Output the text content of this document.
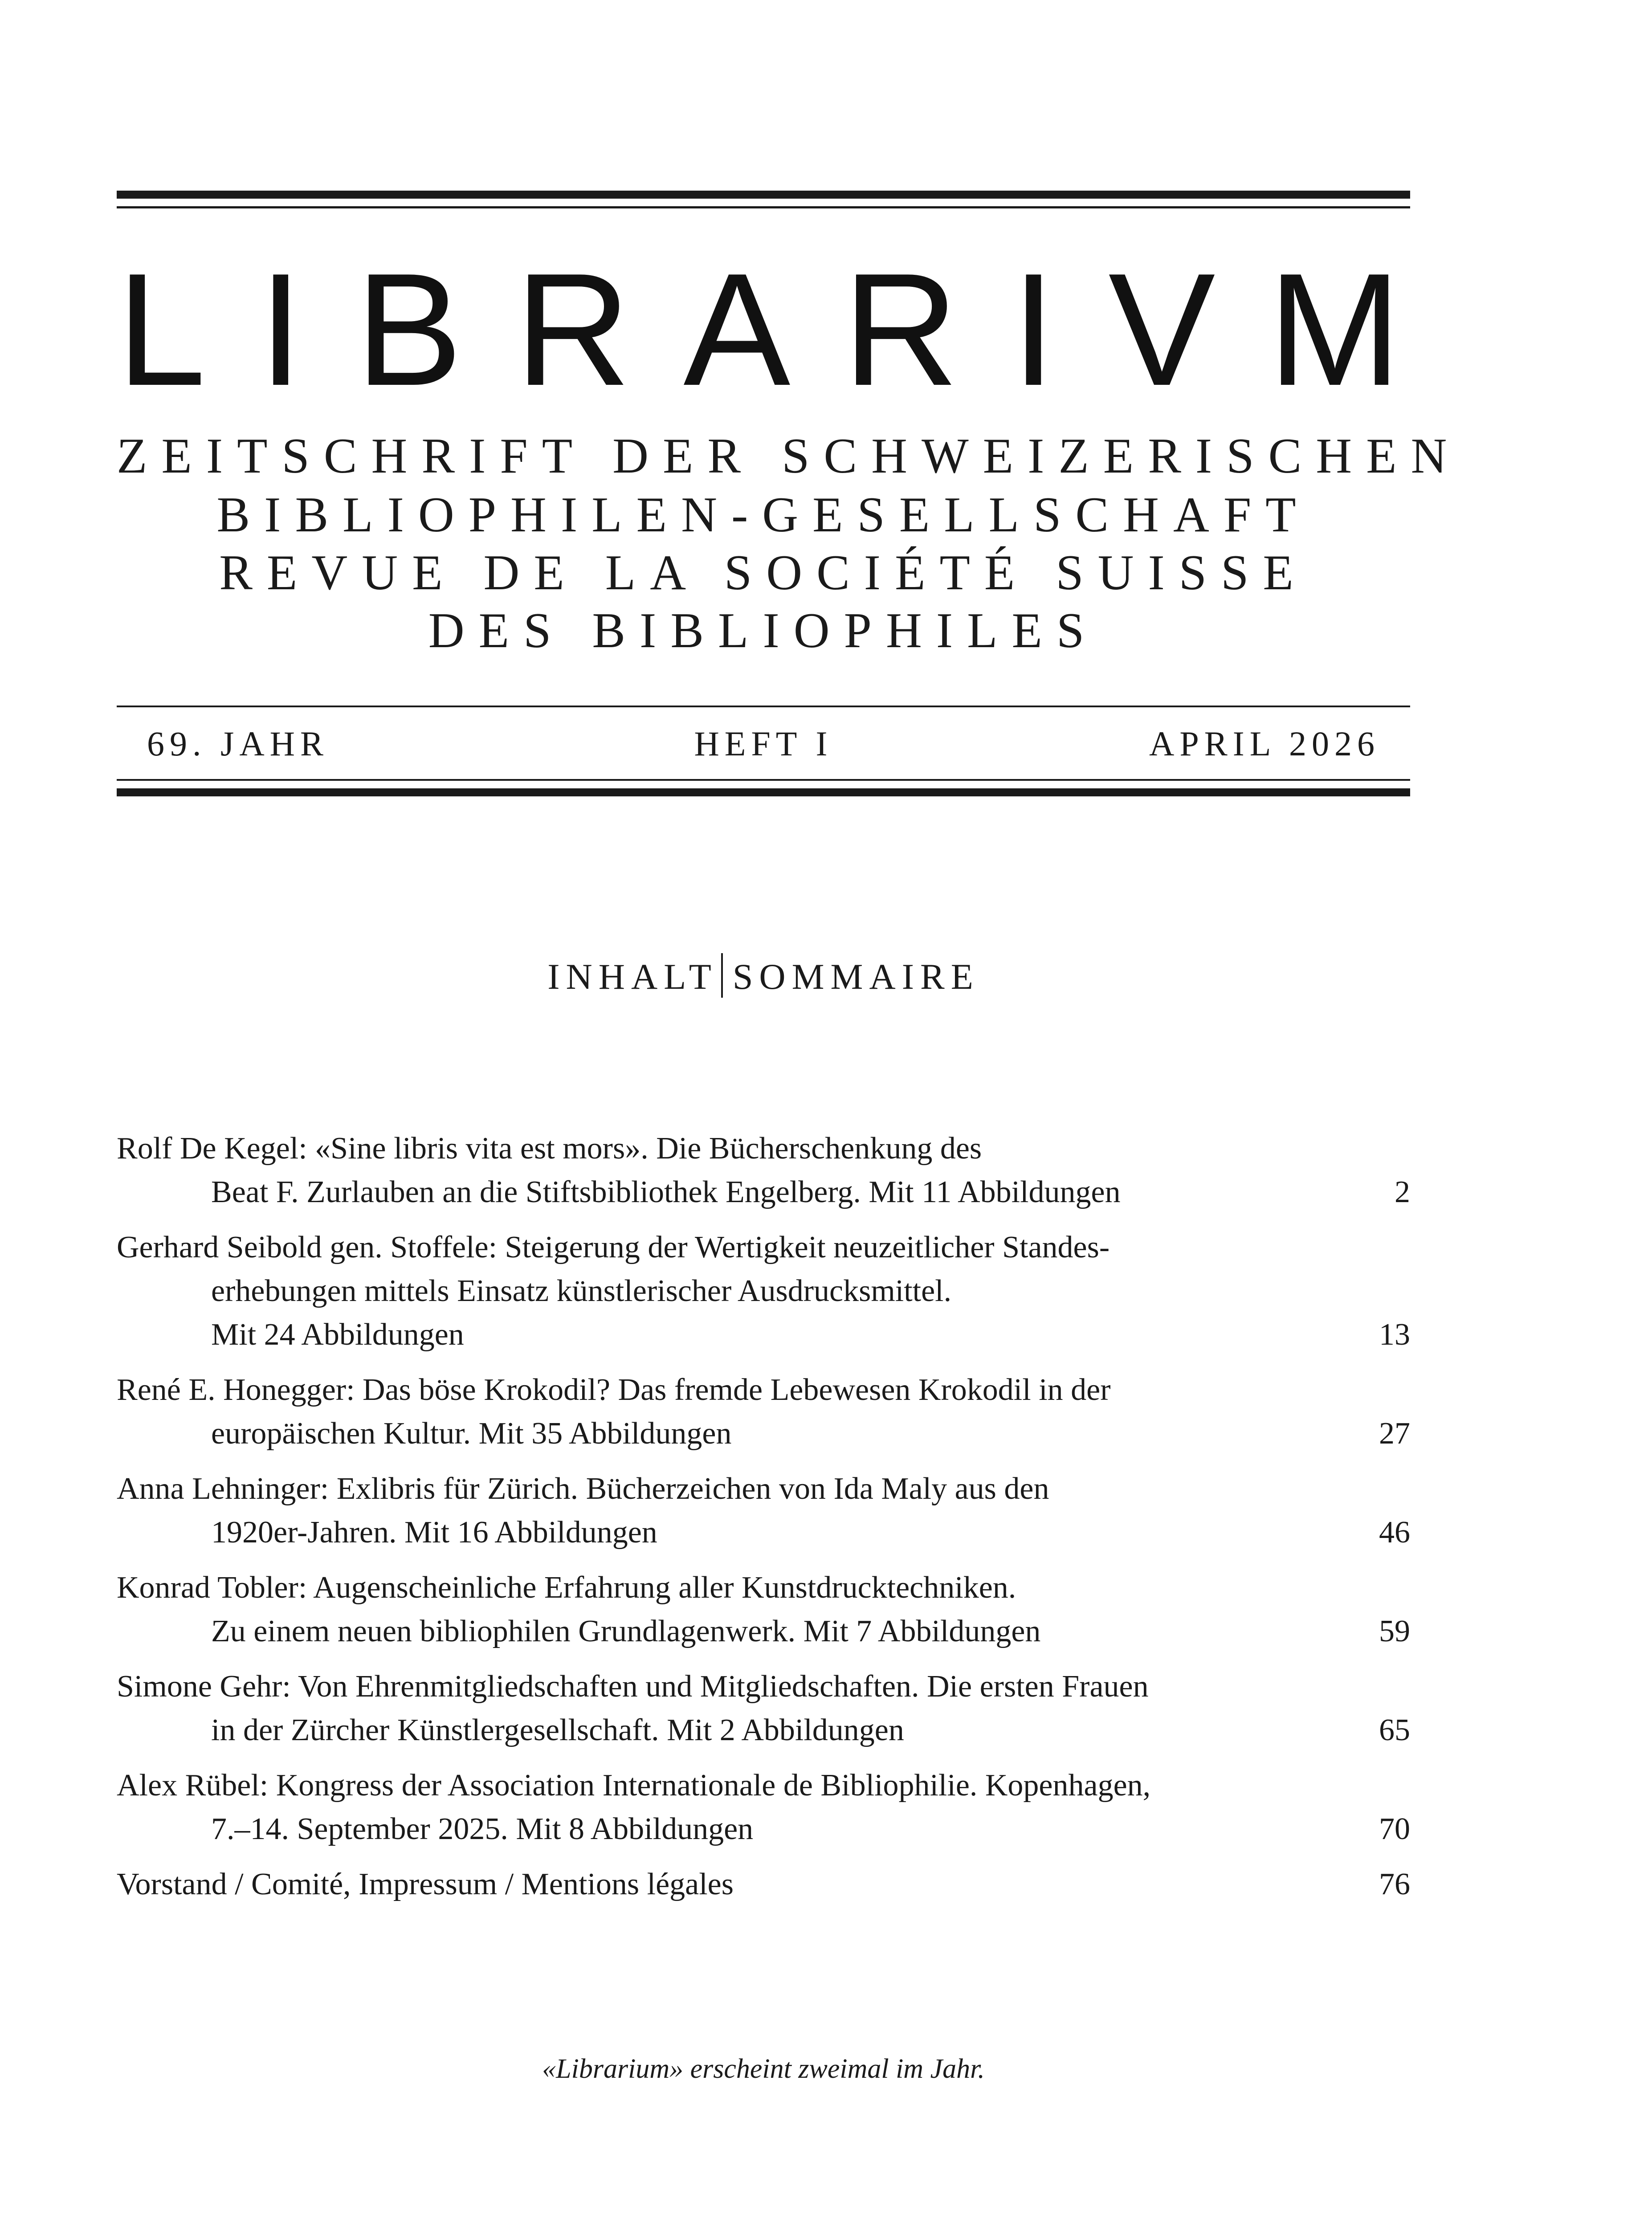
LIBRARIVM
ZEITSCHRIFT DER SCHWEIZERISCHEN
BIBLIOPHILEN-GESELLSCHAFT
REVUE DE LA SOCIÉTÉ SUISSE
DES BIBLIOPHILES
69. JAHR	HEFT I	APRIL 2026
INHALT SOMMAIRE
Rolf De Kegel: «Sine libris vita est mors». Die Bücherschenkung des
Beat F. Zurlauben an die Stiftsbibliothek Engelberg. Mit 11 Abbildungen	2
Gerhard Seibold gen. Stoffele: Steigerung der Wertigkeit neuzeitlicher Standes-
erhebungen mittels Einsatz künstlerischer Ausdrucksmittel.
Mit 24 Abbildungen	13
René E. Honegger: Das böse Krokodil? Das fremde Lebewesen Krokodil in der
europäischen Kultur. Mit 35 Abbildungen	27
Anna Lehninger: Exlibris für Zürich. Bücherzeichen von Ida Maly aus den
1920er-Jahren. Mit 16 Abbildungen	46
Konrad Tobler: Augenscheinliche Erfahrung aller Kunstdrucktechniken.
Zu einem neuen bibliophilen Grundlagenwerk. Mit 7 Abbildungen	59
Simone Gehr: Von Ehrenmitgliedschaften und Mitgliedschaften. Die ersten Frauen
in der Zürcher Künstlergesellschaft. Mit 2 Abbildungen	65
Alex Rübel: Kongress der Association Internationale de Bibliophilie. Kopenhagen,
7.–14. September 2025. Mit 8 Abbildungen	70
Vorstand / Comité, Impressum / Mentions légales	76
«Librarium» erscheint zweimal im Jahr.
